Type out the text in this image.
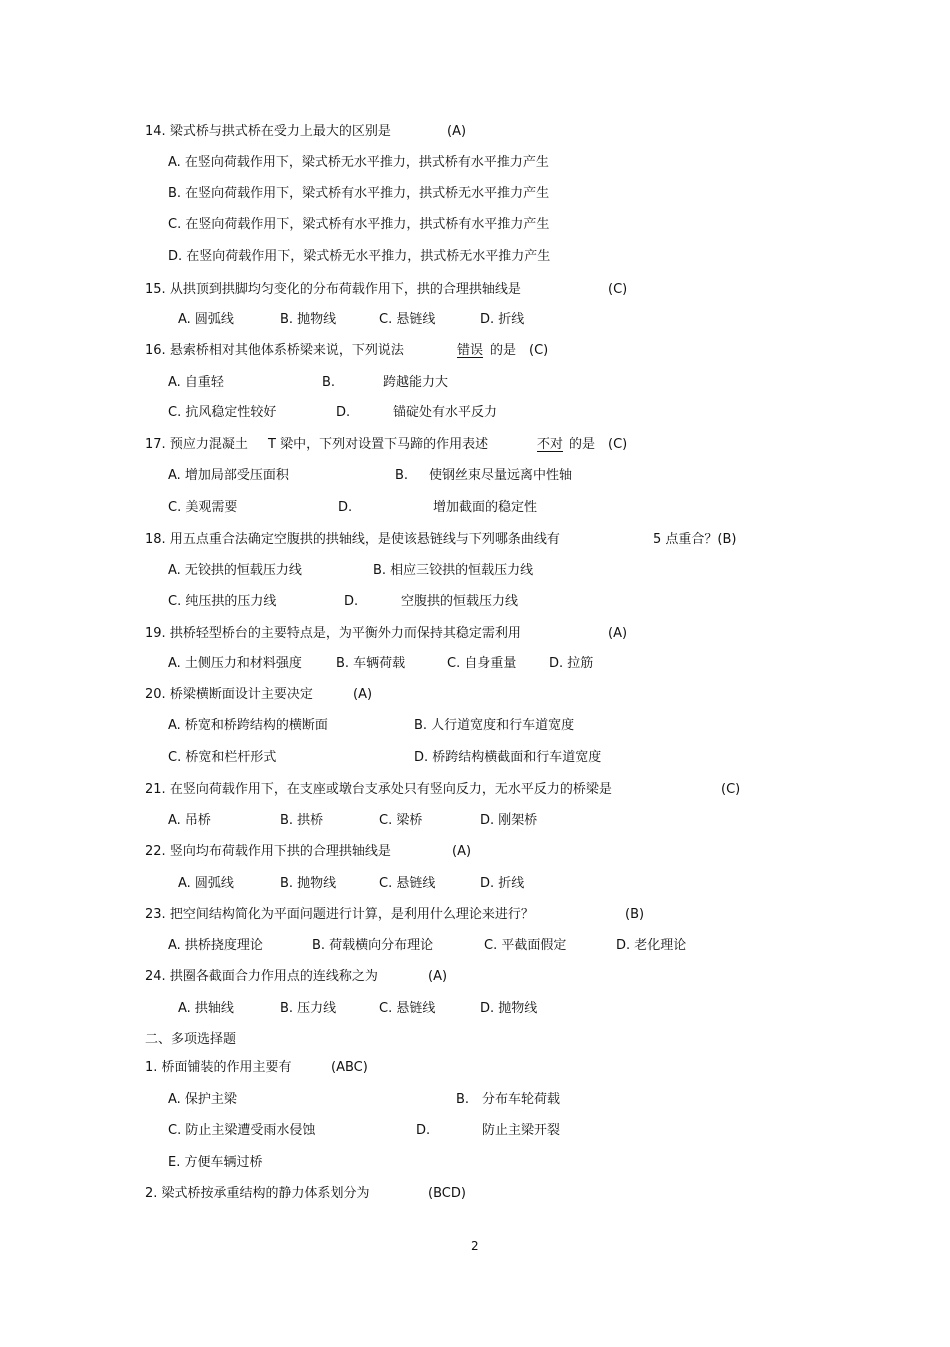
14. 梁式桥与拱式桥在受力上最大的区别是	(A)
A. 在竖向荷载作用下，梁式桥无水平推力，拱式桥有水平推力产生
B. 在竖向荷载作用下，梁式桥有水平推力，拱式桥无水平推力产生
C. 在竖向荷载作用下，梁式桥有水平推力，拱式桥有水平推力产生
D. 在竖向荷载作用下，梁式桥无水平推力，拱式桥无水平推力产生
15. 从拱顶到拱脚均匀变化的分布荷载作用下，拱的合理拱轴线是	(C)
A. 圆弧线	B. 抛物线	C. 悬链线	D. 折线
16. 悬索桥相对其他体系桥梁来说，下列说法	错误 的是 (C)
A. 自重轻	B.	跨越能力大
C. 抗风稳定性较好	D.	锚碇处有水平反力
17. 预应力混凝土 T 梁中，下列对设置下马蹄的作用表述	不对 的是 (C)
A. 增加局部受压面积	B. 使钢丝束尽量远离中性轴
C. 美观需要	D.	增加截面的稳定性
18. 用五点重合法确定空腹拱的拱轴线，是使该悬链线与下列哪条曲线有	5 点重合？(B)
A. 无铰拱的恒载压力线	B. 相应三铰拱的恒载压力线
C. 纯压拱的压力线	D.	空腹拱的恒载压力线
19. 拱桥轻型桥台的主要特点是，为平衡外力而保持其稳定需利用	(A)
A. 土侧压力和材料强度	B. 车辆荷载	C. 自身重量	D. 拉筋
20. 桥梁横断面设计主要决定	(A)
A. 桥宽和桥跨结构的横断面	B. 人行道宽度和行车道宽度
C. 桥宽和栏杆形式	D. 桥跨结构横截面和行车道宽度
21. 在竖向荷载作用下，在支座或墩台支承处只有竖向反力，无水平反力的桥梁是	(C)
A. 吊桥	B. 拱桥	C. 梁桥	D. 刚架桥
22. 竖向均布荷载作用下拱的合理拱轴线是	(A)
A. 圆弧线	B. 抛物线	C. 悬链线	D. 折线
23. 把空间结构简化为平面问题进行计算，是利用什么理论来进行？	(B)
A. 拱桥挠度理论	B. 荷载横向分布理论	C. 平截面假定	D. 老化理论
24. 拱圈各截面合力作用点的连线称之为	(A)
A. 拱轴线	B. 压力线	C. 悬链线	D. 抛物线
二、多项选择题
1. 桥面铺装的作用主要有	(ABC)
A. 保护主梁	B. 分布车轮荷载
C. 防止主梁遭受雨水侵蚀	D.	防止主梁开裂
E. 方便车辆过桥
2. 梁式桥按承重结构的静力体系划分为	(BCD)
2
